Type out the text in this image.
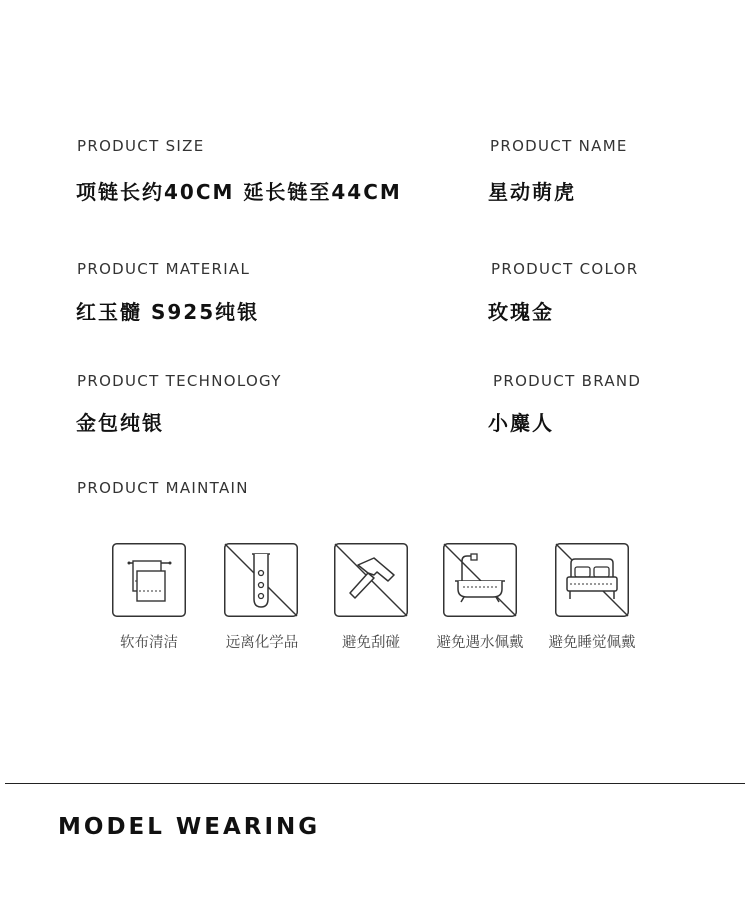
PRODUCT SIZE
项链长约40CM 延长链至44CM
PRODUCT NAME
星动萌虎
PRODUCT MATERIAL
红玉髓 S925纯银
PRODUCT COLOR
玫瑰金
PRODUCT TECHNOLOGY
金包纯银
PRODUCT BRAND
小麋人
PRODUCT MAINTAIN
软布清洁	远离化学品	避免刮碰	避免遇水佩戴	避免睡觉佩戴
MODEL WEARING
